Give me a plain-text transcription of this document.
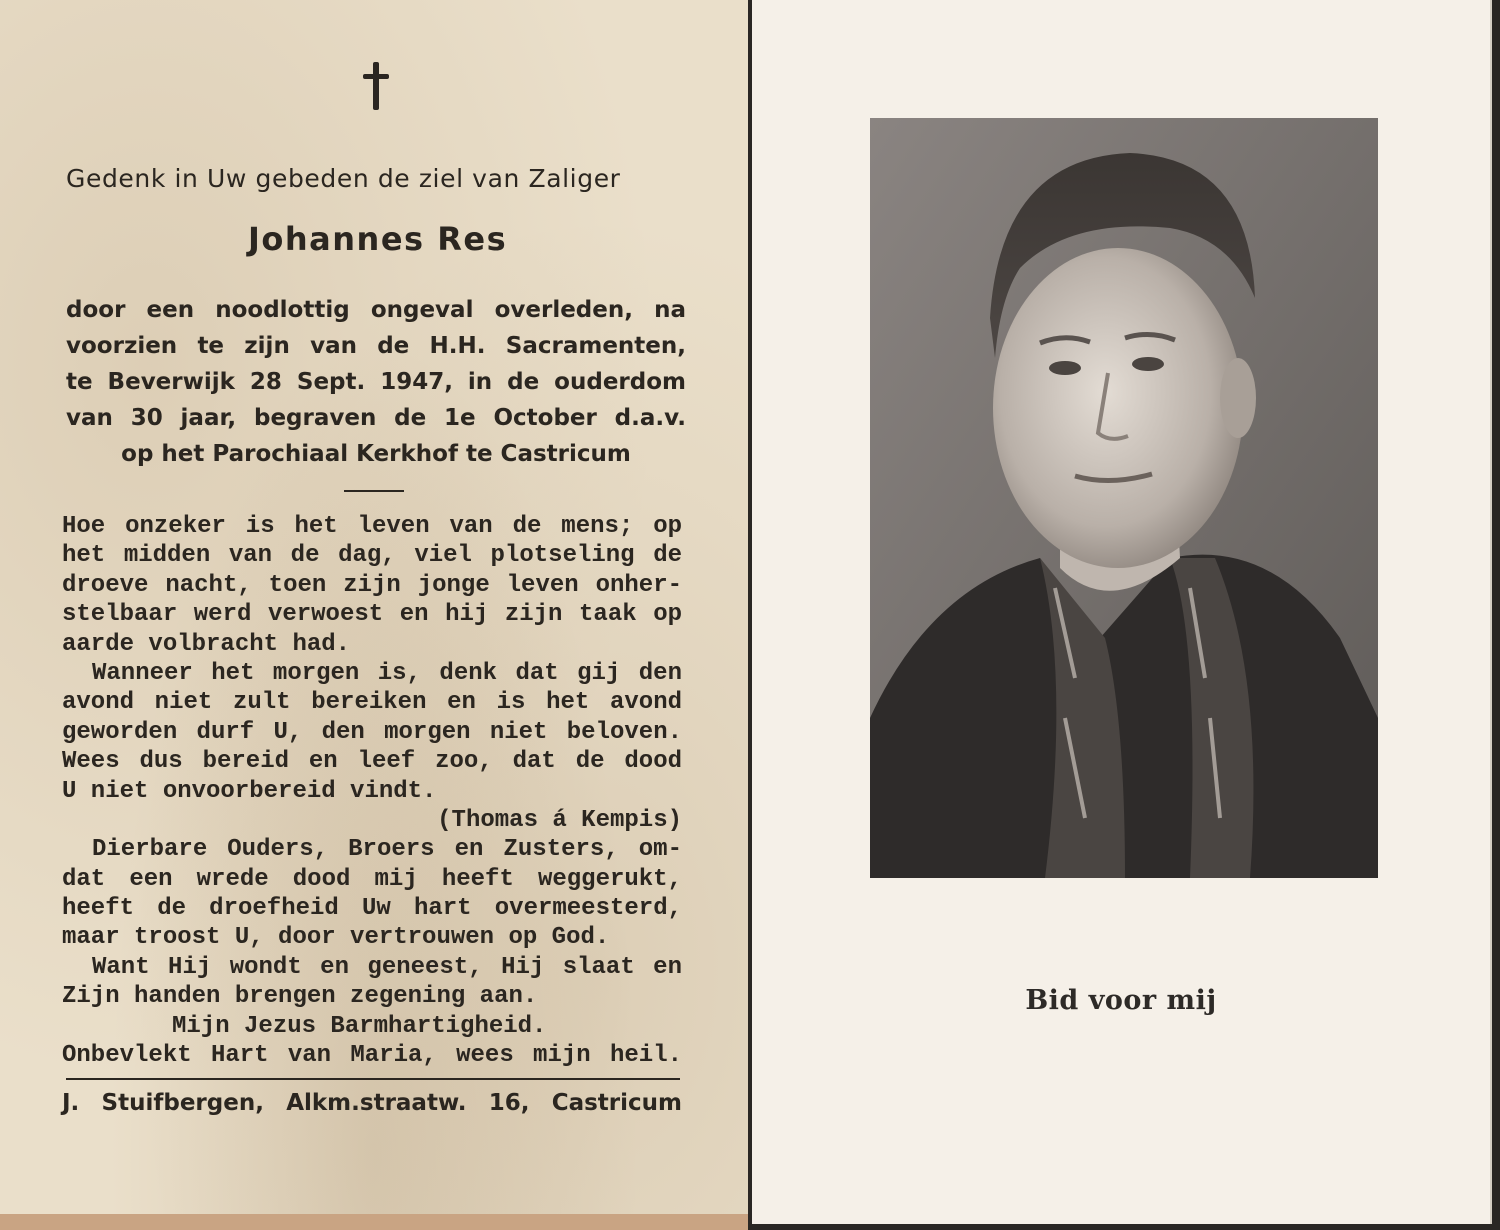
Gedenk in Uw gebeden de ziel van Zaliger
Johannes Res
door een noodlottig ongeval overleden, na
voorzien te zijn van de H.H. Sacramenten,
te Beverwijk 28 Sept. 1947, in de ouderdom
van 30 jaar, begraven de 1e October d.a.v.
op het Parochiaal Kerkhof te Castricum
Hoe onzeker is het leven van de mens; op
het midden van de dag, viel plotseling de
droeve nacht, toen zijn jonge leven onher-
stelbaar werd verwoest en hij zijn taak op
aarde volbracht had.
Wanneer het morgen is, denk dat gij den
avond niet zult bereiken en is het avond
geworden durf U, den morgen niet beloven.
Wees dus bereid en leef zoo, dat de dood
U niet onvoorbereid vindt.
(Thomas á Kempis)
Dierbare Ouders, Broers en Zusters, om-
dat een wrede dood mij heeft weggerukt,
heeft de droefheid Uw hart overmeesterd,
maar troost U, door vertrouwen op God.
Want Hij wondt en geneest, Hij slaat en
Zijn handen brengen zegening aan.
Mijn Jezus Barmhartigheid.
Onbevlekt Hart van Maria, wees mijn heil.
J. Stuifbergen, Alkm.straatw. 16, Castricum
Bid voor mij
